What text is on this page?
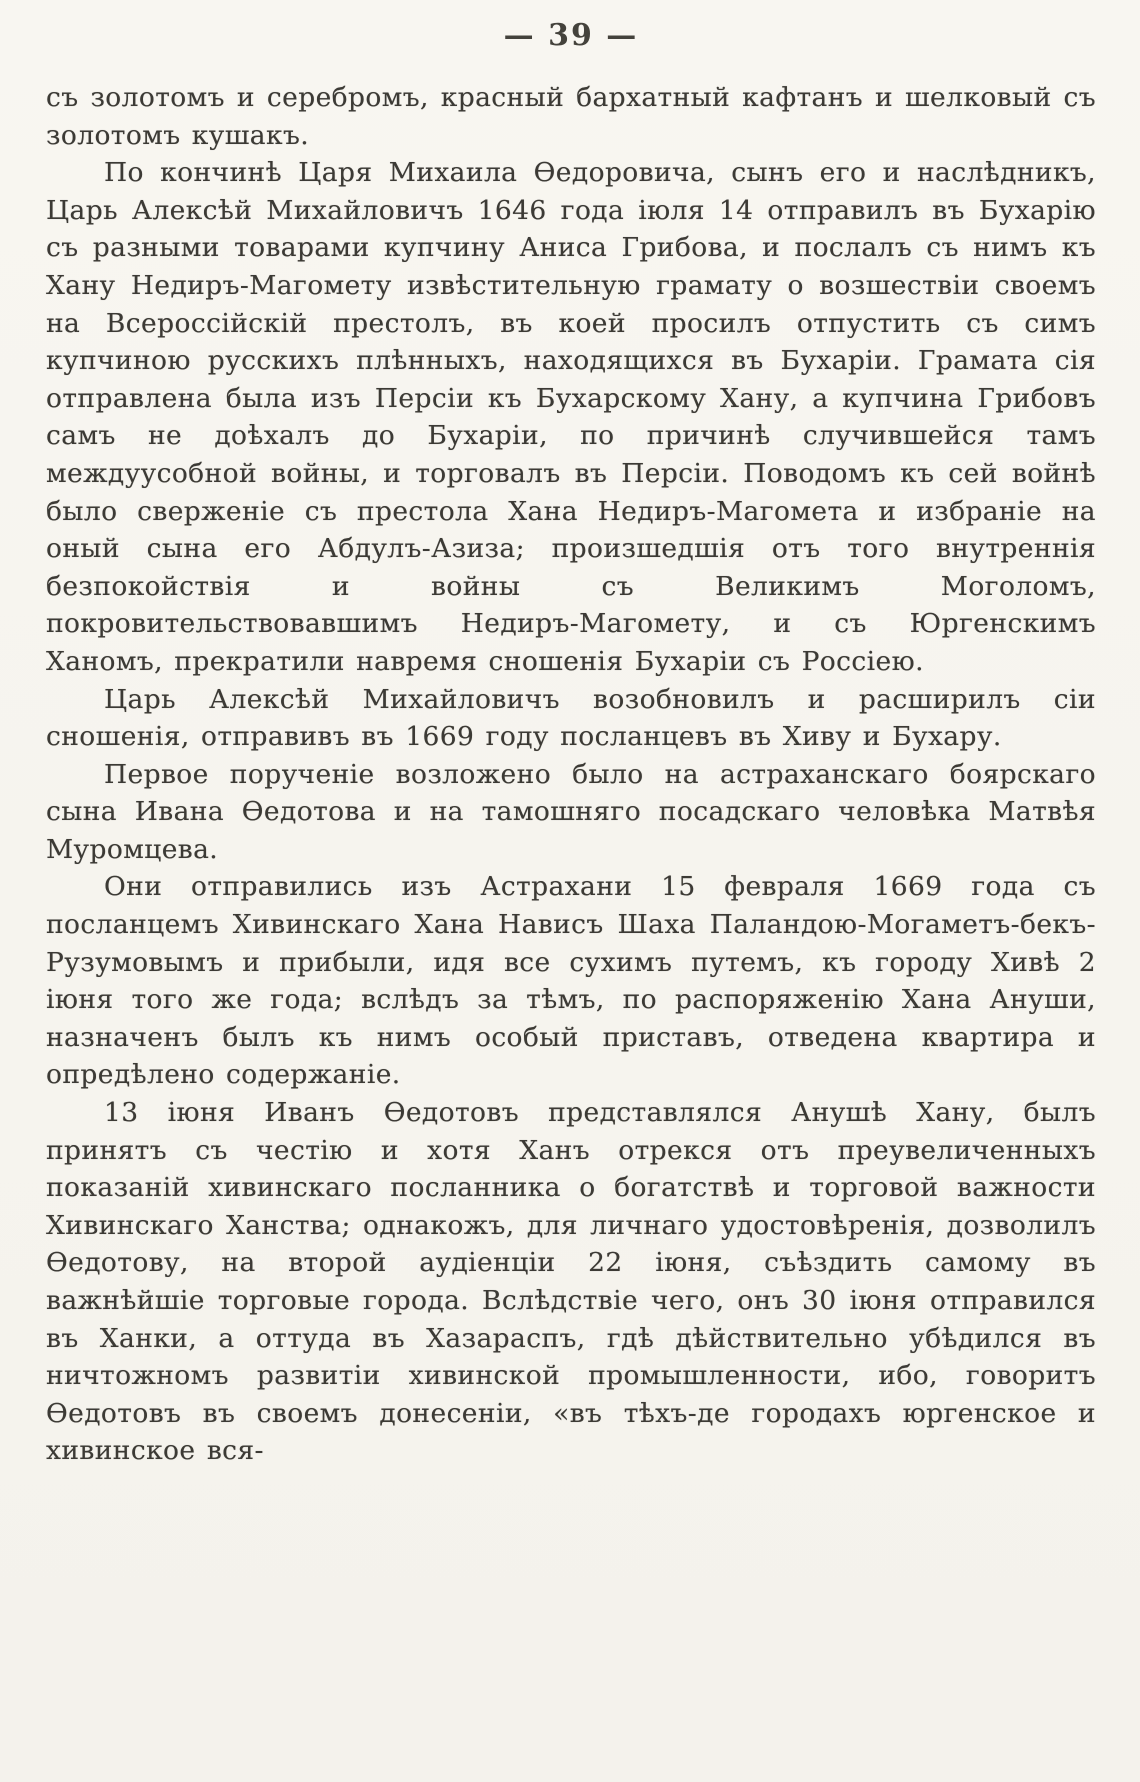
— 39 —

съ золотомъ и серебромъ, красный бархатный кафтанъ и шелковый съ золотомъ кушакъ.

По кончинѣ Царя Михаила Ѳедоровича, сынъ его и наслѣдникъ, Царь Алексѣй Михайловичъ 1646 года іюля 14 отправилъ въ Бухарію съ разными товарами купчину Аниса Грибова, и послалъ съ нимъ къ Хану Недиръ-Магомету извѣстительную грамату о возшествіи своемъ на Всероссійскій престолъ, въ коей просилъ отпустить съ симъ купчиною русскихъ плѣнныхъ, находящихся въ Бухаріи. Грамата сія отправлена была изъ Персіи къ Бухарскому Хану, а купчина Грибовъ самъ не доѣхалъ до Бухаріи, по причинѣ случившейся тамъ междуусобной войны, и торговалъ въ Персіи. Поводомъ къ сей войнѣ было сверженіе съ престола Хана Недиръ-Магомета и избраніе на оный сына его Абдулъ-Азиза; произшедшія отъ того внутреннія безпокойствія и войны съ Великимъ Моголомъ, покровительствовавшимъ Недиръ-Магомету, и съ Юргенскимъ Ханомъ, прекратили навремя сношенія Бухаріи съ Россіею.

Царь Алексѣй Михайловичъ возобновилъ и расширилъ сіи сношенія, отправивъ въ 1669 году посланцевъ въ Хиву и Бухару.

Первое порученіе возложено было на астраханскаго боярскаго сына Ивана Ѳедотова и на тамошняго посадскаго человѣка Матвѣя Муромцева.

Они отправились изъ Астрахани 15 февраля 1669 года съ посланцемъ Хивинскаго Хана Нависъ Шаха Паландою-Могаметъ-бекъ-Рузумовымъ и прибыли, идя все сухимъ путемъ, къ городу Хивѣ 2 іюня того же года; вслѣдъ за тѣмъ, по распоряженію Хана Ануши, назначенъ былъ къ нимъ особый приставъ, отведена квартира и опредѣлено содержаніе.

13 іюня Иванъ Ѳедотовъ представлялся Анушѣ Хану, былъ принятъ съ честію и хотя Ханъ отрекся отъ преувеличенныхъ показаній хивинскаго посланника о богатствѣ и торговой важности Хивинскаго Ханства; однакожъ, для личнаго удостовѣренія, дозволилъ Ѳедотову, на второй аудіенціи 22 іюня, съѣздить самому въ важнѣйшіе торговые города. Вслѣдствіе чего, онъ 30 іюня отправился въ Ханки, а оттуда въ Хазараспъ, гдѣ дѣйствительно убѣдился въ ничтожномъ развитіи хивинской промышленности, ибо, говоритъ Ѳедотовъ въ своемъ донесеніи, «въ тѣхъ-де городахъ юргенское и хивинское вся-
